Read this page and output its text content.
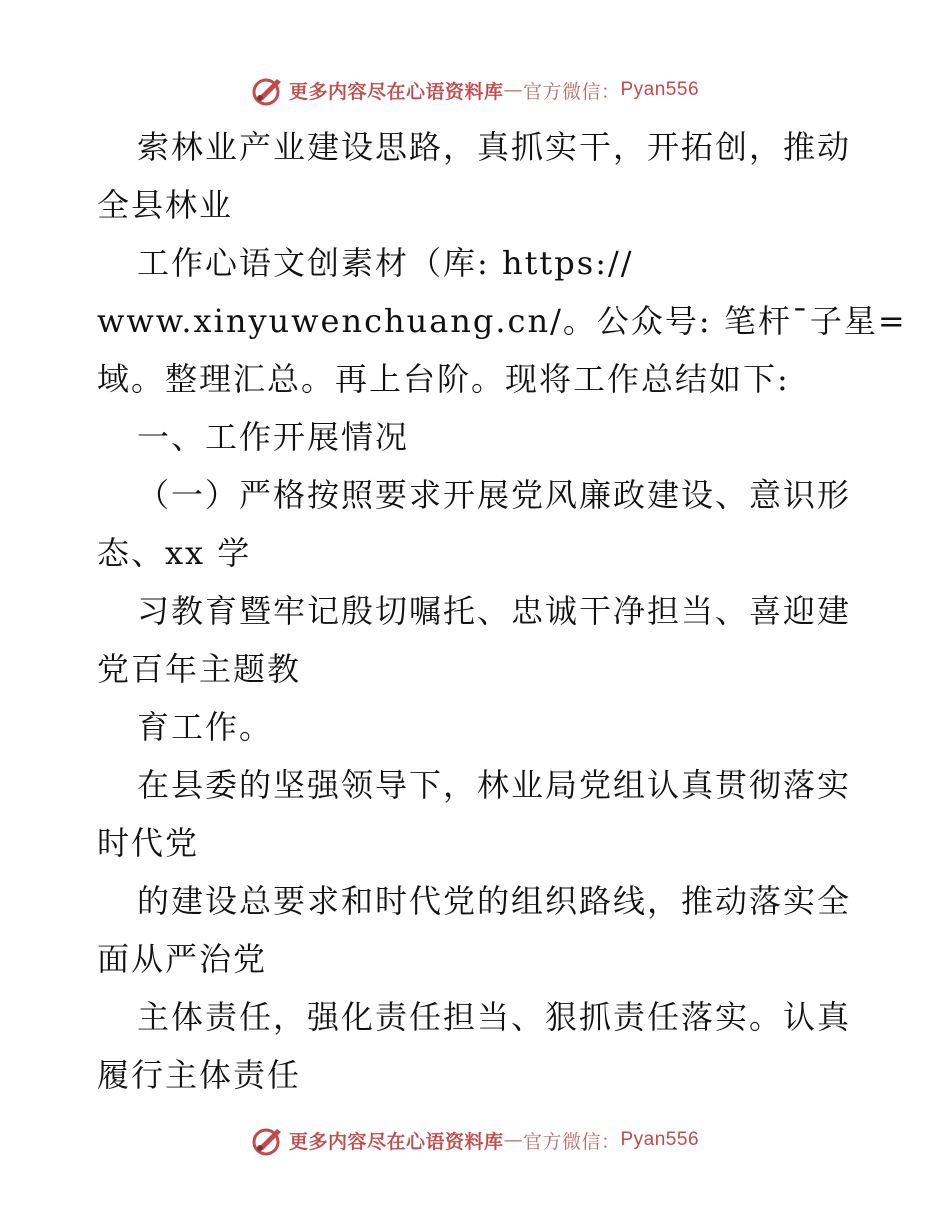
更多内容尽在心语资料库 — 官方微信： Pyan556
索林业产业建设思路，真抓实干，开拓创，推动
全县林业
工作心语文创素材（库: https://
www.xinyuwenchuang.cn/。公众号: 笔杆¯子星=
域。整理汇总。再上台阶。现将工作总结如下:
一、工作开展情况
（一）严格按照要求开展党风廉政建设、意识形
态、xx 学
习教育暨牢记殷切嘱托、忠诚干净担当、喜迎建
党百年主题教
育工作。
在县委的坚强领导下，林业局党组认真贯彻落实
时代党
的建设总要求和时代党的组织路线，推动落实全
面从严治党
主体责任，强化责任担当、狠抓责任落实。认真
履行主体责任
更多内容尽在心语资料库 — 官方微信： Pyan556
